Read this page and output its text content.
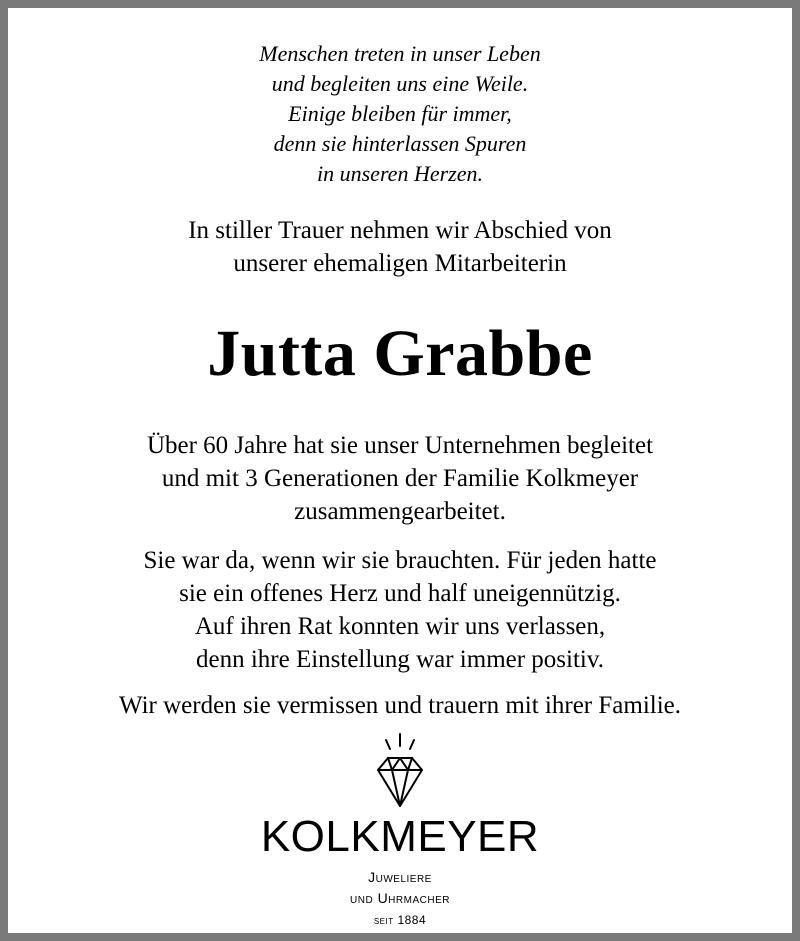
Menschen treten in unser Leben
und begleiten uns eine Weile.
Einige bleiben für immer,
denn sie hinterlassen Spuren
in unseren Herzen.
In stiller Trauer nehmen wir Abschied von
unserer ehemaligen Mitarbeiterin
Jutta Grabbe
Über 60 Jahre hat sie unser Unternehmen begleitet
und mit 3 Generationen der Familie Kolkmeyer
zusammengearbeitet.
Sie war da, wenn wir sie brauchten. Für jeden hatte
sie ein offenes Herz und half uneigennützig.
Auf ihren Rat konnten wir uns verlassen,
denn ihre Einstellung war immer positiv.
Wir werden sie vermissen und trauern mit ihrer Familie.
KOLKMEYER
Juweliere
und Uhrmacher
seit 1884
